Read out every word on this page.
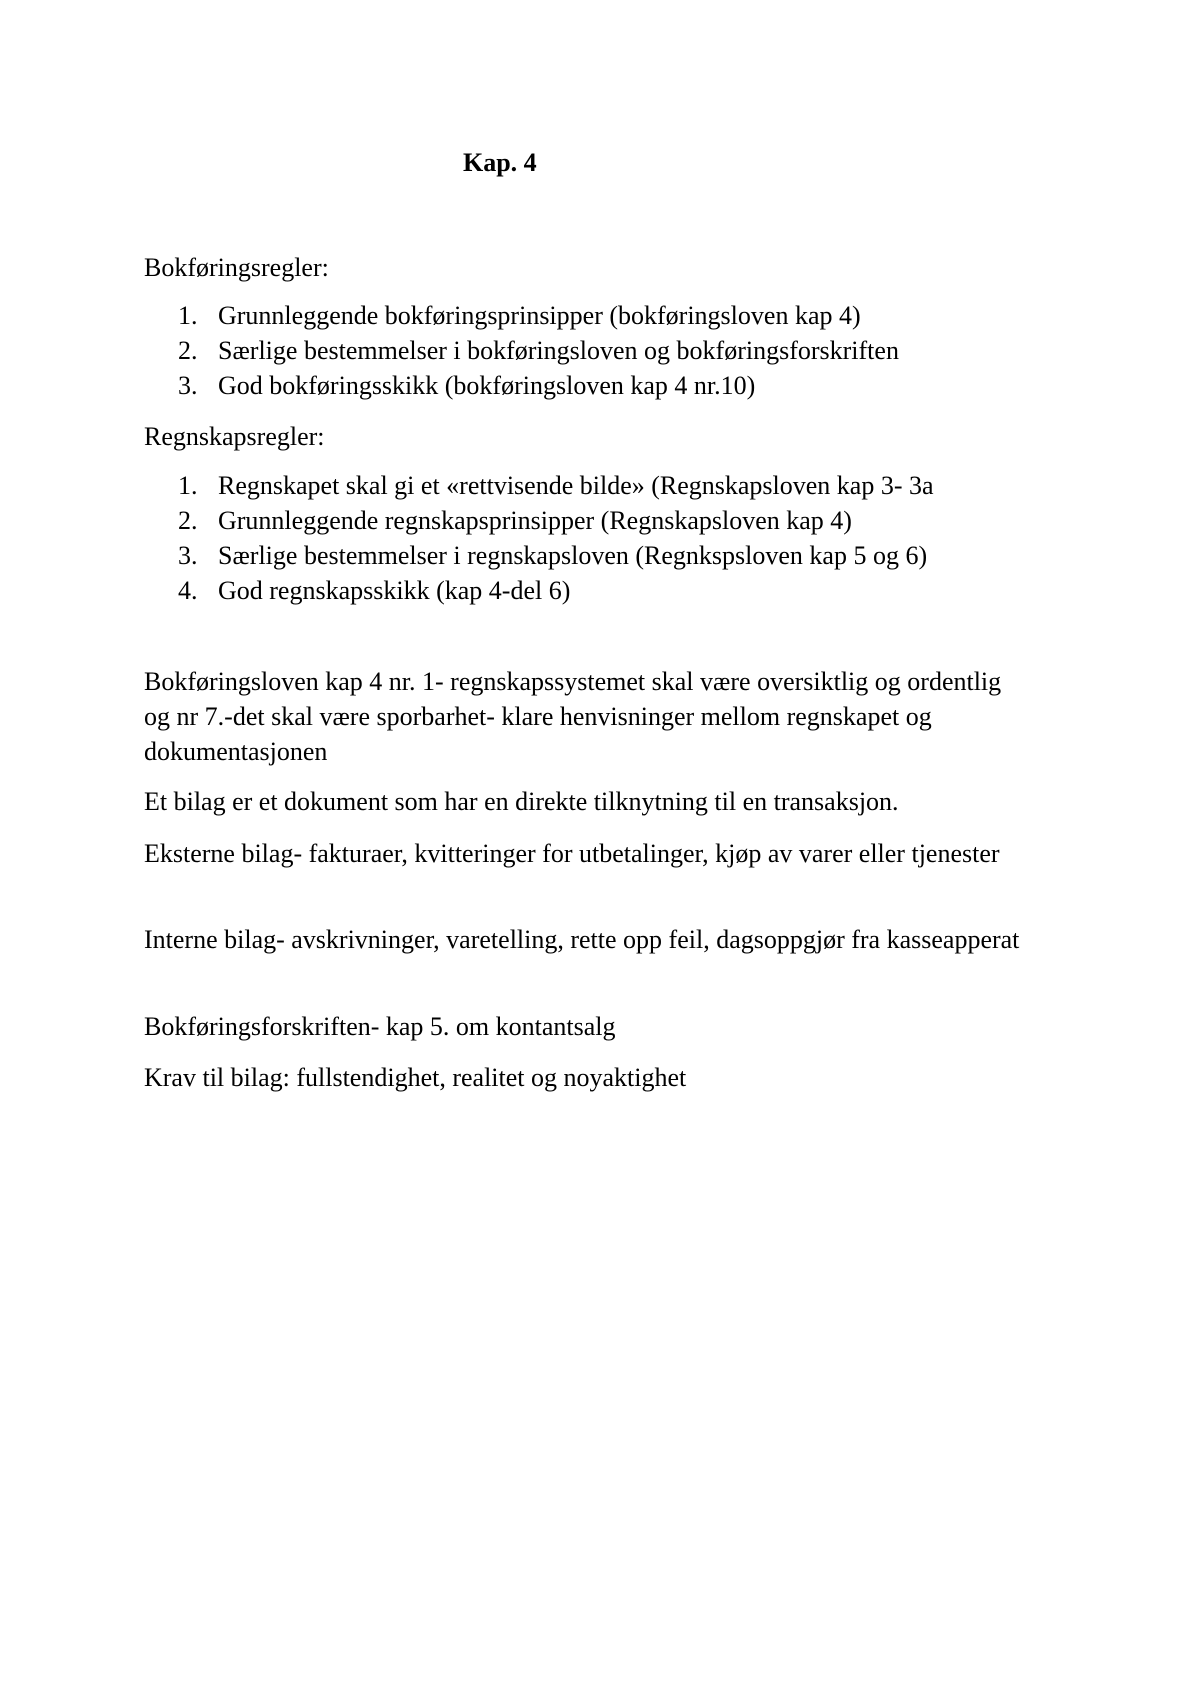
Kap. 4

Bokføringsregler:

1. Grunnleggende bokføringsprinsipper (bokføringsloven kap 4)
2. Særlige bestemmelser i bokføringsloven og bokføringsforskriften
3. God bokføringsskikk (bokføringsloven kap 4 nr.10)

Regnskapsregler:

1. Regnskapet skal gi et «rettvisende bilde» (Regnskapsloven kap 3- 3a
2. Grunnleggende regnskapsprinsipper (Regnskapsloven kap 4)
3. Særlige bestemmelser i regnskapsloven (Regnkspsloven kap 5 og 6)
4. God regnskapsskikk (kap 4-del 6)

Bokføringsloven kap 4 nr. 1- regnskapssystemet skal være oversiktlig og ordentlig og nr 7.-det skal være sporbarhet- klare henvisninger mellom regnskapet og dokumentasjonen

Et bilag er et dokument som har en direkte tilknytning til en transaksjon.

Eksterne bilag- fakturaer, kvitteringer for utbetalinger, kjøp av varer eller tjenester

Interne bilag- avskrivninger, varetelling, rette opp feil, dagsoppgjør fra kasseapperat

Bokføringsforskriften- kap 5. om kontantsalg

Krav til bilag: fullstendighet, realitet og noyaktighet
